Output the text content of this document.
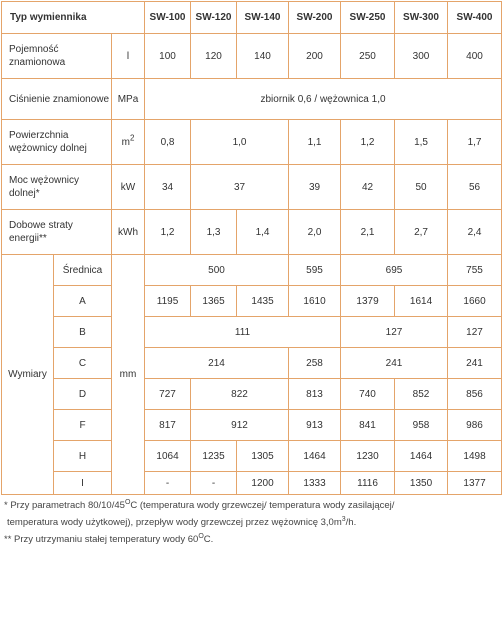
Typ wymiennika			SW-100	SW-120	SW-140	SW-200	SW-250	SW-300	SW-400
Pojemność znamionowa		l	100	120	140	200	250	300	400
Ciśnienie znamionowe		MPa	zbiornik 0,6 / wężownica 1,0						
Powierzchnia wężownicy dolnej		$m^2$	0,8	1,0		1,1	1,2	1,5	1,7
Moc wężownicy dolnej*		kW	34	37		39	42	50	56
Dobowe straty energii**		kWh	1,2	1,3	1,4	2,0	2,1	2,7	2,4
Wymiary	Średnica	mm	500			595	695		755
	A		1195	1365	1435	1610	1379	1614	1660
	B		111				127		127
	C		214			258	241		241
	D		727	822		813	740	852	856
	F		817	912		913	841	958	986
	H		1064	1235	1305	1464	1230	1464	1498
	I		-	-	1200	1333	1116	1350	1377

* Przy parametrach $80/10/45^OC$ (temperatura wody grzewczej/ temperatura wody zasilającej/

temperatura wody użytkowej), przepływ wody grzewczej przez wężownicę $3,0m^3/h$.

** Przy utrzymaniu stałej temperatury wody $60^OC$.
